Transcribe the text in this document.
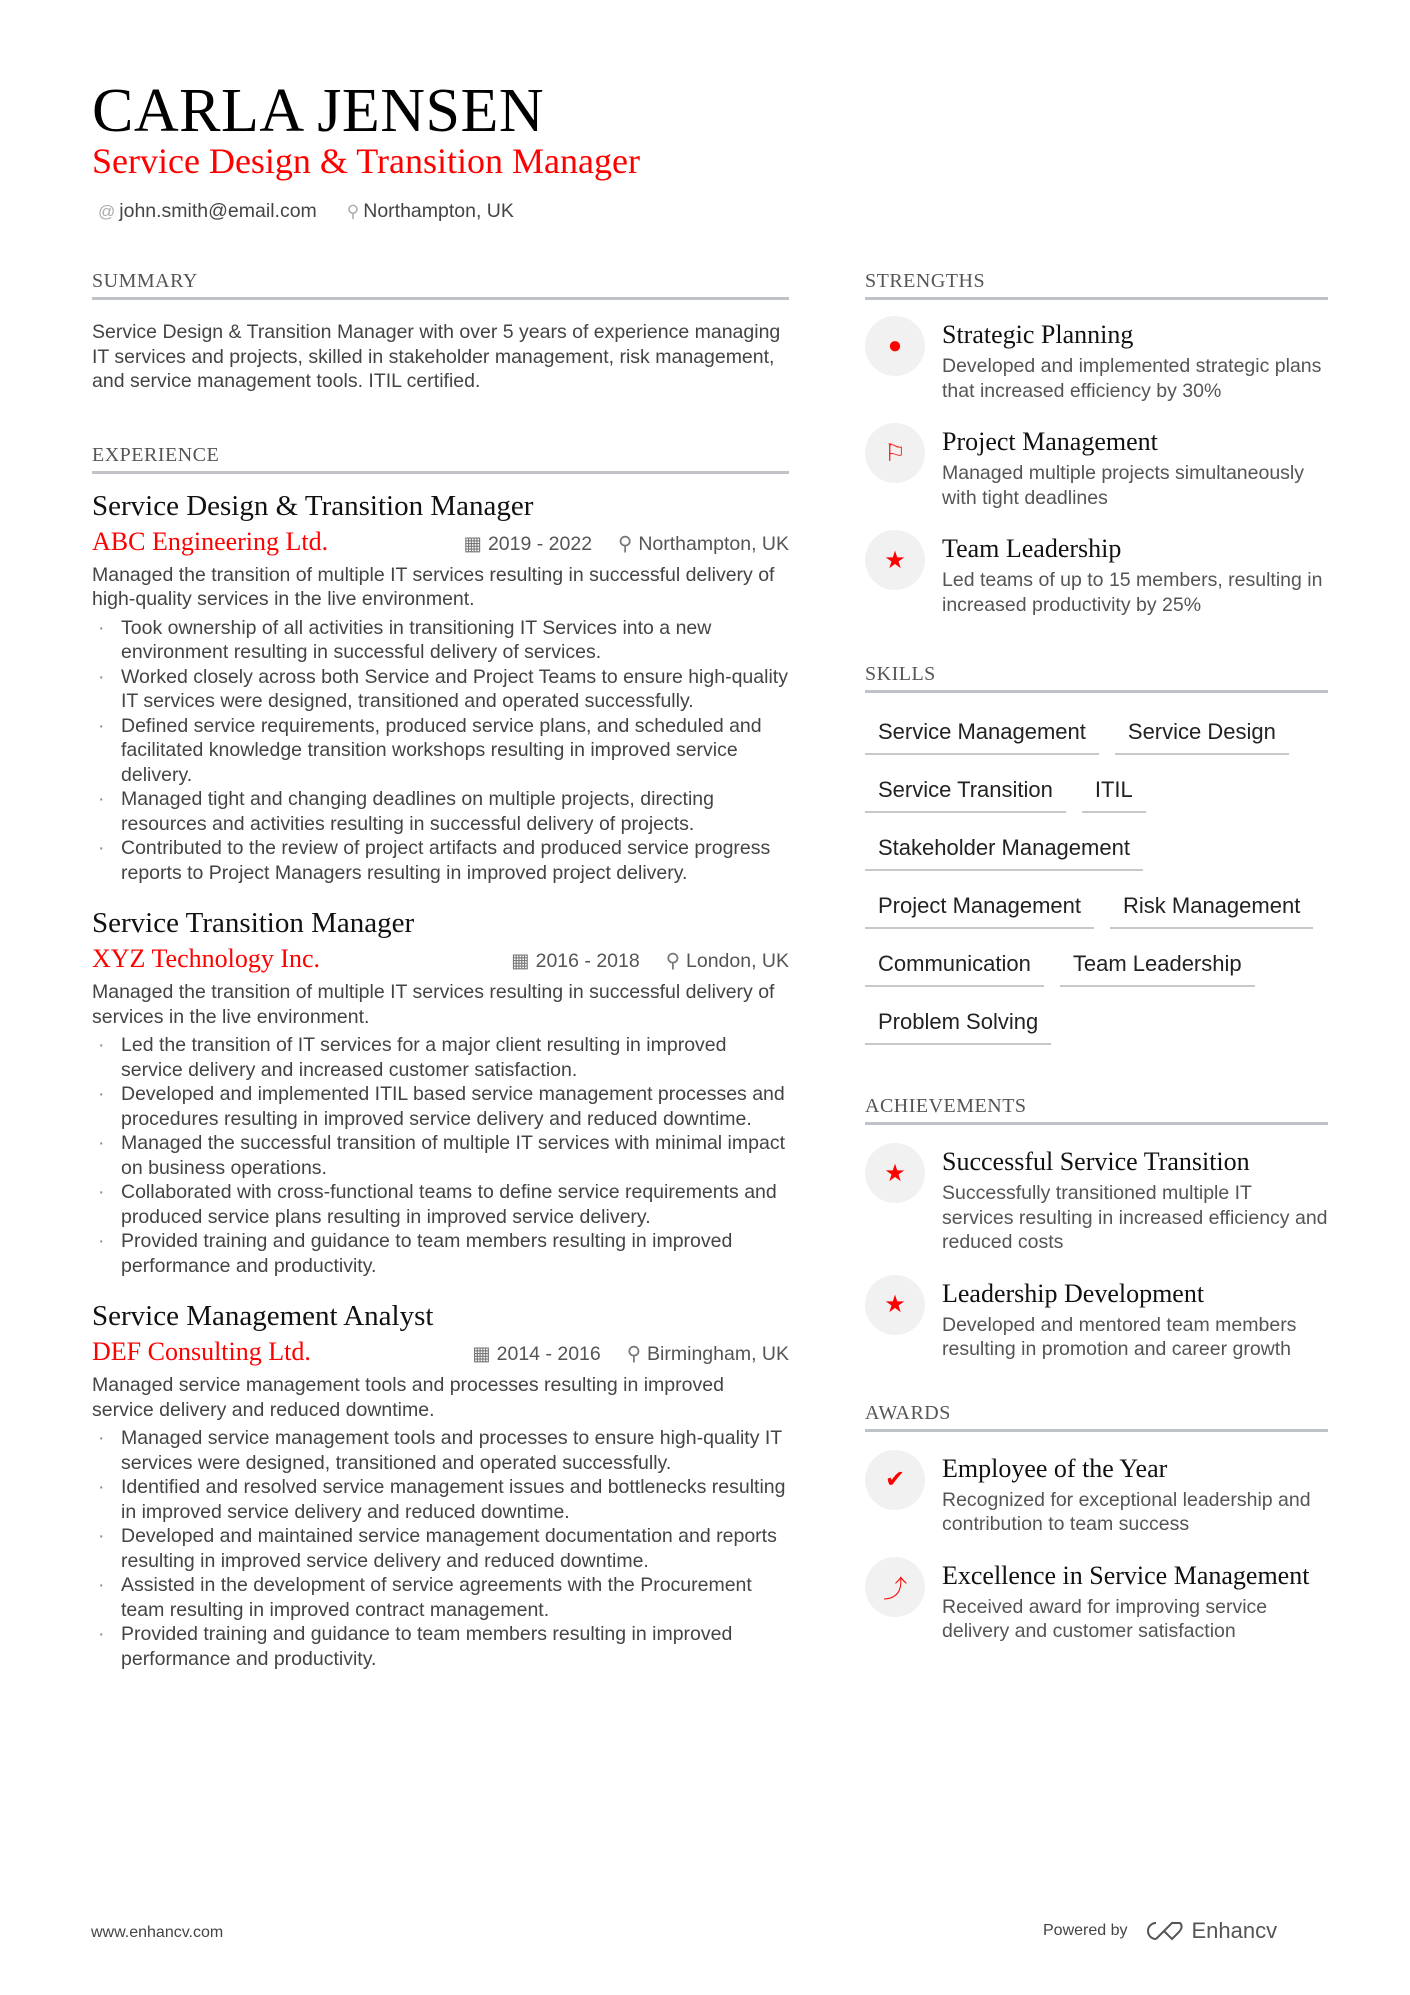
CARLA JENSEN
Service Design & Transition Manager
@ john.smith@email.com ⚲ Northampton, UK
SUMMARY
Service Design & Transition Manager with over 5 years of experience managing IT services and projects, skilled in stakeholder management, risk management, and service management tools. ITIL certified.
EXPERIENCE
Service Design & Transition Manager
ABC Engineering Ltd.	▦ 2019 - 2022 ⚲ Northampton, UK
Managed the transition of multiple IT services resulting in successful delivery of high-quality services in the live environment.
· Took ownership of all activities in transitioning IT Services into a new environment resulting in successful delivery of services.
· Worked closely across both Service and Project Teams to ensure high-quality IT services were designed, transitioned and operated successfully.
· Defined service requirements, produced service plans, and scheduled and facilitated knowledge transition workshops resulting in improved service delivery.
· Managed tight and changing deadlines on multiple projects, directing resources and activities resulting in successful delivery of projects.
· Contributed to the review of project artifacts and produced service progress reports to Project Managers resulting in improved project delivery.
Service Transition Manager
XYZ Technology Inc.	▦ 2016 - 2018 ⚲ London, UK
Managed the transition of multiple IT services resulting in successful delivery of services in the live environment.
· Led the transition of IT services for a major client resulting in improved service delivery and increased customer satisfaction.
· Developed and implemented ITIL based service management processes and procedures resulting in improved service delivery and reduced downtime.
· Managed the successful transition of multiple IT services with minimal impact on business operations.
· Collaborated with cross-functional teams to define service requirements and produced service plans resulting in improved service delivery.
· Provided training and guidance to team members resulting in improved performance and productivity.
Service Management Analyst
DEF Consulting Ltd.	▦ 2014 - 2016 ⚲ Birmingham, UK
Managed service management tools and processes resulting in improved service delivery and reduced downtime.
· Managed service management tools and processes to ensure high-quality IT services were designed, transitioned and operated successfully.
· Identified and resolved service management issues and bottlenecks resulting in improved service delivery and reduced downtime.
· Developed and maintained service management documentation and reports resulting in improved service delivery and reduced downtime.
· Assisted in the development of service agreements with the Procurement team resulting in improved contract management.
· Provided training and guidance to team members resulting in improved performance and productivity.
STRENGTHS
●	Strategic Planning
Developed and implemented strategic plans that increased efficiency by 30%
⚐	Project Management
Managed multiple projects simultaneously with tight deadlines
★	Team Leadership
Led teams of up to 15 members, resulting in increased productivity by 25%
SKILLS
Service Management	Service Design
Service Transition	ITIL
Stakeholder Management
Project Management	Risk Management
Communication	Team Leadership
Problem Solving
ACHIEVEMENTS
★	Successful Service Transition
Successfully transitioned multiple IT services resulting in increased efficiency and reduced costs
★	Leadership Development
Developed and mentored team members resulting in promotion and career growth
AWARDS
✔	Employee of the Year
Recognized for exceptional leadership and contribution to team success
⤴	Excellence in Service Management
Received award for improving service delivery and customer satisfaction
www.enhancv.com	Powered by	Enhancv
